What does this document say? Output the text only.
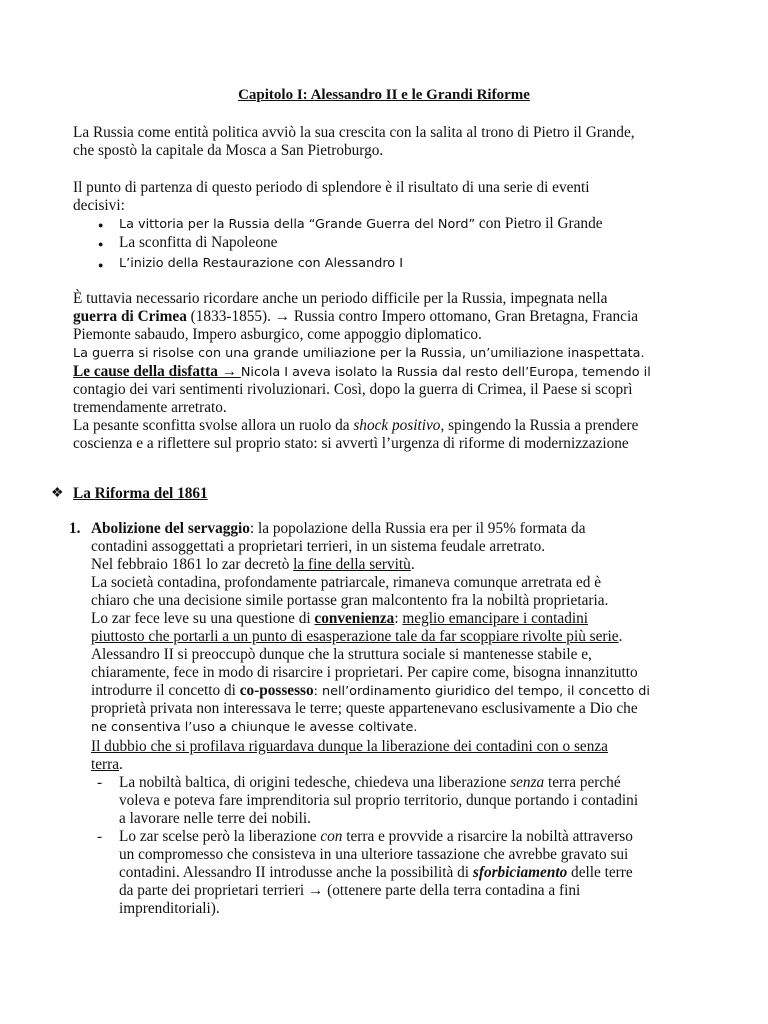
Capitolo I: Alessandro II e le Grandi Riforme
La Russia come entità politica avviò la sua crescita con la salita al trono di Pietro il Grande,
che spostò la capitale da Mosca a San Pietroburgo.
Il punto di partenza di questo periodo di splendore è il risultato di una serie di eventi
decisivi:
● La vittoria per la Russia della “Grande Guerra del Nord” con Pietro il Grande
● La sconfitta di Napoleone
● L’inizio della Restaurazione con Alessandro I
È tuttavia necessario ricordare anche un periodo difficile per la Russia, impegnata nella
guerra di Crimea (1833-1855). → Russia contro Impero ottomano, Gran Bretagna, Francia
Piemonte sabaudo, Impero asburgico, come appoggio diplomatico.
La guerra si risolse con una grande umiliazione per la Russia, un’umiliazione inaspettata.
Le cause della disfatta → Nicola I aveva isolato la Russia dal resto dell’Europa, temendo il
contagio dei vari sentimenti rivoluzionari. Così, dopo la guerra di Crimea, il Paese si scoprì
tremendamente arretrato.
La pesante sconfitta svolse allora un ruolo da shock positivo, spingendo la Russia a prendere
coscienza e a riflettere sul proprio stato: si avvertì l’urgenza di riforme di modernizzazione
❖ La Riforma del 1861
1. Abolizione del servaggio: la popolazione della Russia era per il 95% formata da
contadini assoggettati a proprietari terrieri, in un sistema feudale arretrato.
Nel febbraio 1861 lo zar decretò la fine della servitù.
La società contadina, profondamente patriarcale, rimaneva comunque arretrata ed è
chiaro che una decisione simile portasse gran malcontento fra la nobiltà proprietaria.
Lo zar fece leve su una questione di convenienza: meglio emancipare i contadini
piuttosto che portarli a un punto di esasperazione tale da far scoppiare rivolte più serie.
Alessandro II si preoccupò dunque che la struttura sociale si mantenesse stabile e,
chiaramente, fece in modo di risarcire i proprietari. Per capire come, bisogna innanzitutto
introdurre il concetto di co-possesso: nell’ordinamento giuridico del tempo, il concetto di
proprietà privata non interessava le terre; queste appartenevano esclusivamente a Dio che
ne consentiva l’uso a chiunque le avesse coltivate.
Il dubbio che si profilava riguardava dunque la liberazione dei contadini con o senza
terra.
- La nobiltà baltica, di origini tedesche, chiedeva una liberazione senza terra perché
voleva e poteva fare imprenditoria sul proprio territorio, dunque portando i contadini
a lavorare nelle terre dei nobili.
- Lo zar scelse però la liberazione con terra e provvide a risarcire la nobiltà attraverso
un compromesso che consisteva in una ulteriore tassazione che avrebbe gravato sui
contadini. Alessandro II introdusse anche la possibilità di sforbiciamento delle terre
da parte dei proprietari terrieri → (ottenere parte della terra contadina a fini
imprenditoriali).
